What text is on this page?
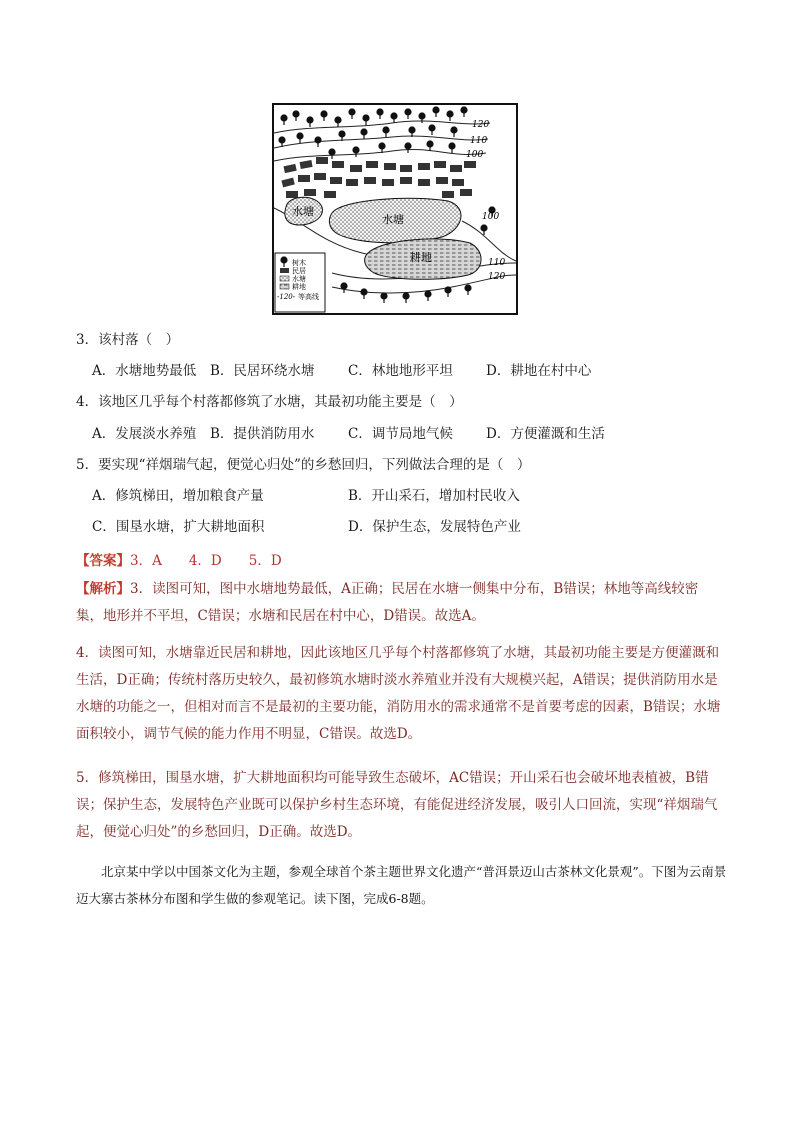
水塘
水塘
耕地
120
110
100
100
110
120
树木
民居
水塘
耕地
-120- 等高线
3．该村落（　）
A．水塘地势最低 B．民居环绕水塘 C．林地地形平坦 D．耕地在村中心
4．该地区几乎每个村落都修筑了水塘，其最初功能主要是（　）
A．发展淡水养殖 B．提供消防用水 C．调节局地气候 D．方便灌溉和生活
5．要实现“祥烟瑞气起，便觉心归处”的乡愁回归，下列做法合理的是（　）
A．修筑梯田，增加粮食产量	B．开山采石，增加村民收入
C．围垦水塘，扩大耕地面积	D．保护生态，发展特色产业
【答案】3．A　　4．D　　5．D
【解析】3．读图可知，图中水塘地势最低，A正确；民居在水塘一侧集中分布，B错误；林地等高线较密集，地形并不平坦，C错误；水塘和民居在村中心，D错误。故选A。
4．读图可知，水塘靠近民居和耕地，因此该地区几乎每个村落都修筑了水塘，其最初功能主要是方便灌溉和生活，D正确；传统村落历史较久，最初修筑水塘时淡水养殖业并没有大规模兴起，A错误；提供消防用水是水塘的功能之一，但相对而言不是最初的主要功能，消防用水的需求通常不是首要考虑的因素，B错误；水塘面积较小，调节气候的能力作用不明显，C错误。故选D。
5．修筑梯田，围垦水塘，扩大耕地面积均可能导致生态破坏，AC错误；开山采石也会破坏地表植被，B错误；保护生态，发展特色产业既可以保护乡村生态环境，有能促进经济发展，吸引人口回流，实现“祥烟瑞气起，便觉心归处”的乡愁回归，D正确。故选D。
北京某中学以中国茶文化为主题，参观全球首个茶主题世界文化遗产“普洱景迈山古茶林文化景观”。下图为云南景迈大寨古茶林分布图和学生做的参观笔记。读下图，完成6-8题。
